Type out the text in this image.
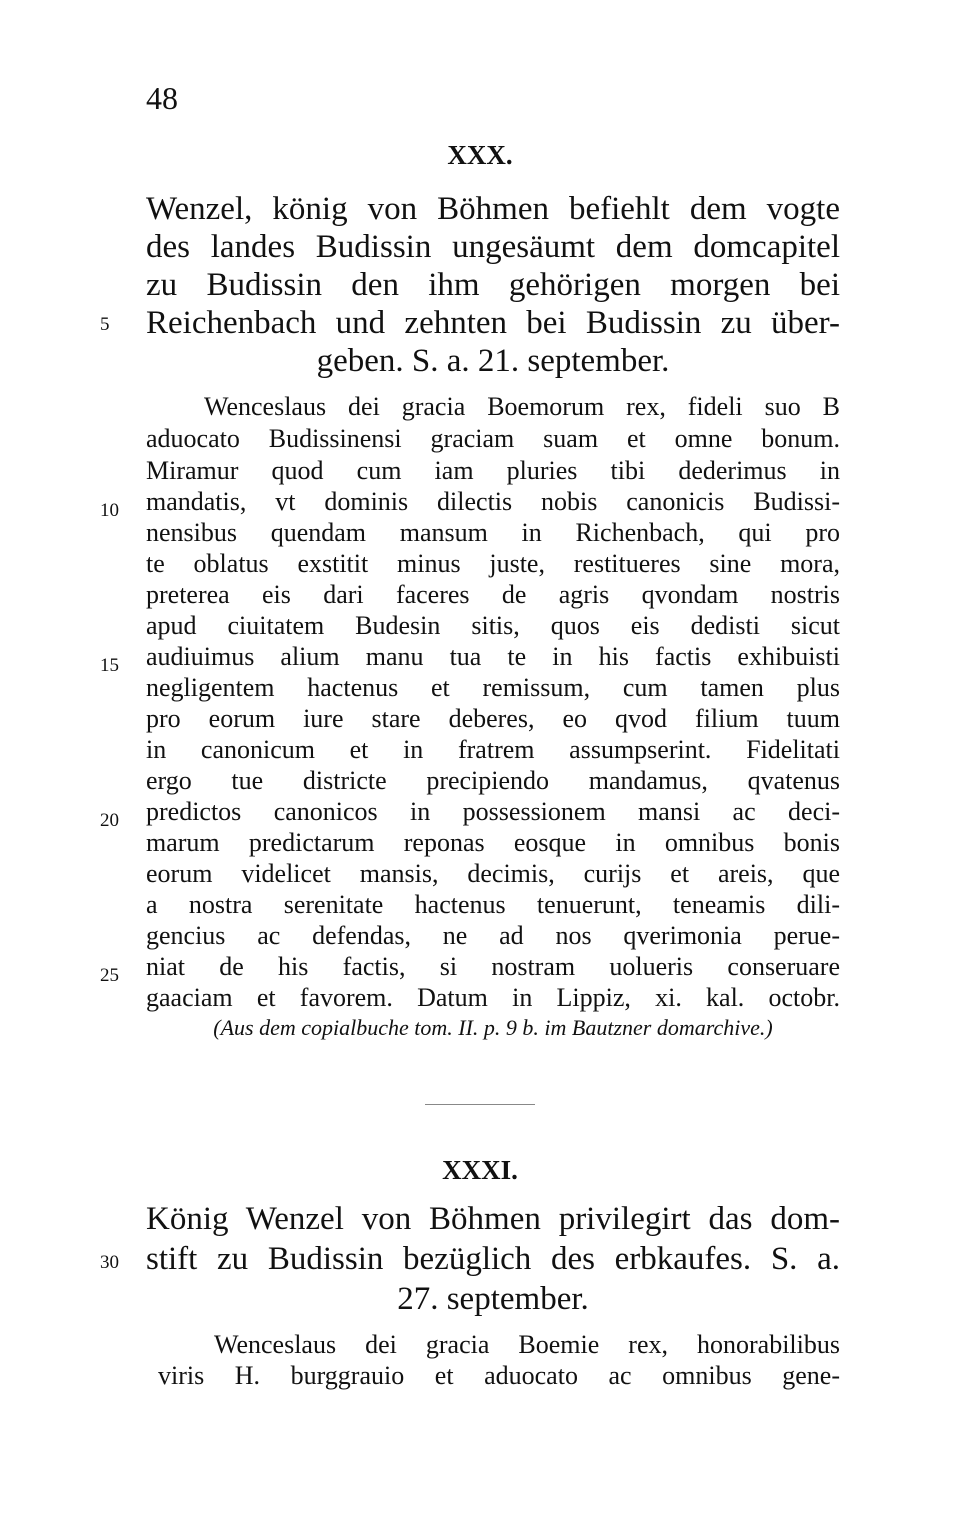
48
XXX.
Wenzel, könig von Böhmen befiehlt dem vogte
des landes Budissin ungesäumt dem domcapitel
zu Budissin den ihm gehörigen morgen bei
Reichenbach und zehnten bei Budissin zu über-
geben. S. a. 21. september.
5
Wenceslaus dei gracia Boemorum rex, fideli suo B
aduocato Budissinensi graciam suam et omne bonum.
Miramur quod cum iam pluries tibi dederimus in
mandatis, vt dominis dilectis nobis canonicis Budissi-
nensibus quendam mansum in Richenbach, qui pro
te oblatus exstitit minus juste, restitueres sine mora,
preterea eis dari faceres de agris qvondam nostris
apud ciuitatem Budesin sitis, quos eis dedisti sicut
audiuimus alium manu tua te in his factis exhibuisti
negligentem hactenus et remissum, cum tamen plus
pro eorum iure stare deberes, eo qvod filium tuum
in canonicum et in fratrem assumpserint. Fidelitati
ergo tue districte precipiendo mandamus, qvatenus
predictos canonicos in possessionem mansi ac deci-
marum predictarum reponas eosque in omnibus bonis
eorum videlicet mansis, decimis, curijs et areis, que
a nostra serenitate hactenus tenuerunt, teneamis dili-
gencius ac defendas, ne ad nos qverimonia perue-
niat de his factis, si nostram uolueris conseruare
gaaciam et favorem. Datum in Lippiz, xi. kal. octobr.
10
15
20
25
(Aus dem copialbuche tom. II. p. 9 b. im Bautzner domarchive.)
XXXI.
König Wenzel von Böhmen privilegirt das dom-
stift zu Budissin bezüglich des erbkaufes. S. a.
27. september.
30
Wenceslaus dei gracia Boemie rex, honorabilibus
viris H. burggrauio et aduocato ac omnibus gene-
